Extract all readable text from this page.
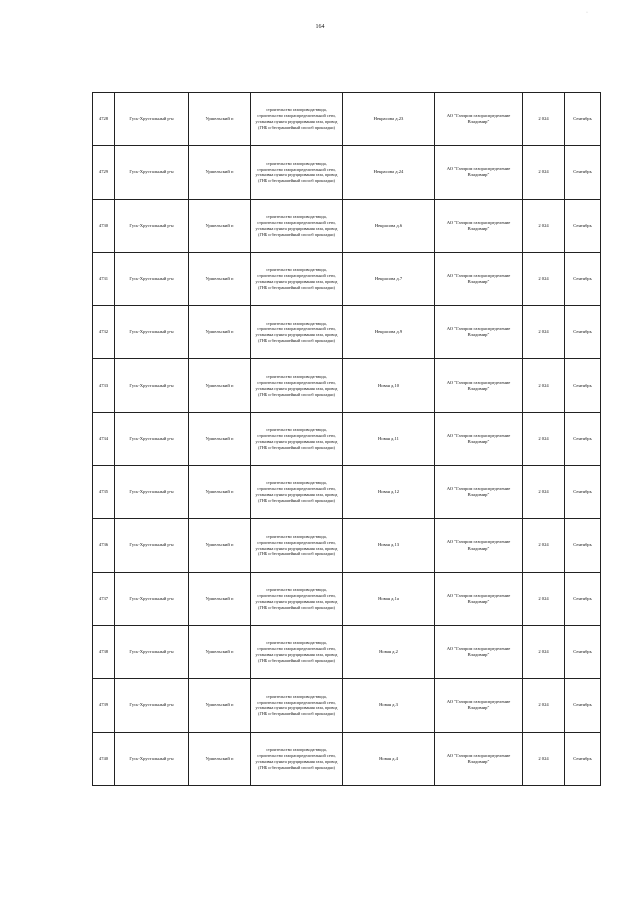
164
·
4728	Гусь-Хрустальный р-н	Уршельский п	строительство газопровода-ввода, строительство газораспределительной сети, установка пункта редуцирования газа, провод (ГНБ и бестраншейный способ прокладки)	Некрасова д.23	АО "Газпром газораспределение Владимир"	2 024	Сентябрь
4729	Гусь-Хрустальный р-н	Уршельский п	строительство газопровода-ввода, строительство газораспределительной сети, установка пункта редуцирования газа, провод (ГНБ и бестраншейный способ прокладки)	Некрасова д.24	АО "Газпром газораспределение Владимир"	2 024	Сентябрь
4730	Гусь-Хрустальный р-н	Уршельский п	строительство газопровода-ввода, строительство газораспределительной сети, установка пункта редуцирования газа, провод (ГНБ и бестраншейный способ прокладки)	Некрасова д.6	АО "Газпром газораспределение Владимир"	2 024	Сентябрь
4731	Гусь-Хрустальный р-н	Уршельский п	строительство газопровода-ввода, строительство газораспределительной сети, установка пункта редуцирования газа, провод (ГНБ и бестраншейный способ прокладки)	Некрасова д.7	АО "Газпром газораспределение Владимир"	2 024	Сентябрь
4732	Гусь-Хрустальный р-н	Уршельский п	строительство газопровода-ввода, строительство газораспределительной сети, установка пункта редуцирования газа, провод (ГНБ и бестраншейный способ прокладки)	Некрасова д.9	АО "Газпром газораспределение Владимир"	2 024	Сентябрь
4733	Гусь-Хрустальный р-н	Уршельский п	строительство газопровода-ввода, строительство газораспределительной сети, установка пункта редуцирования газа, провод (ГНБ и бестраншейный способ прокладки)	Новая д.10	АО "Газпром газораспределение Владимир"	2 024	Сентябрь
4734	Гусь-Хрустальный р-н	Уршельский п	строительство газопровода-ввода, строительство газораспределительной сети, установка пункта редуцирования газа, провод (ГНБ и бестраншейный способ прокладки)	Новая д.11	АО "Газпром газораспределение Владимир"	2 024	Сентябрь
4735	Гусь-Хрустальный р-н	Уршельский п	строительство газопровода-ввода, строительство газораспределительной сети, установка пункта редуцирования газа, провод (ГНБ и бестраншейный способ прокладки)	Новая д.12	АО "Газпром газораспределение Владимир"	2 024	Сентябрь
4736	Гусь-Хрустальный р-н	Уршельский п	строительство газопровода-ввода, строительство газораспределительной сети, установка пункта редуцирования газа, провод (ГНБ и бестраншейный способ прокладки)	Новая д.13	АО "Газпром газораспределение Владимир"	2 024	Сентябрь
4737	Гусь-Хрустальный р-н	Уршельский п	строительство газопровода-ввода, строительство газораспределительной сети, установка пункта редуцирования газа, провод (ГНБ и бестраншейный способ прокладки)	Новая д.1а	АО "Газпром газораспределение Владимир"	2 024	Сентябрь
4738	Гусь-Хрустальный р-н	Уршельский п	строительство газопровода-ввода, строительство газораспределительной сети, установка пункта редуцирования газа, провод (ГНБ и бестраншейный способ прокладки)	Новая д.2	АО "Газпром газораспределение Владимир"	2 024	Сентябрь
4739	Гусь-Хрустальный р-н	Уршельский п	строительство газопровода-ввода, строительство газораспределительной сети, установка пункта редуцирования газа, провод (ГНБ и бестраншейный способ прокладки)	Новая д.3	АО "Газпром газораспределение Владимир"	2 024	Сентябрь
4740	Гусь-Хрустальный р-н	Уршельский п	строительство газопровода-ввода, строительство газораспределительной сети, установка пункта редуцирования газа, провод (ГНБ и бестраншейный способ прокладки)	Новая д.4	АО "Газпром газораспределение Владимир"	2 024	Сентябрь
